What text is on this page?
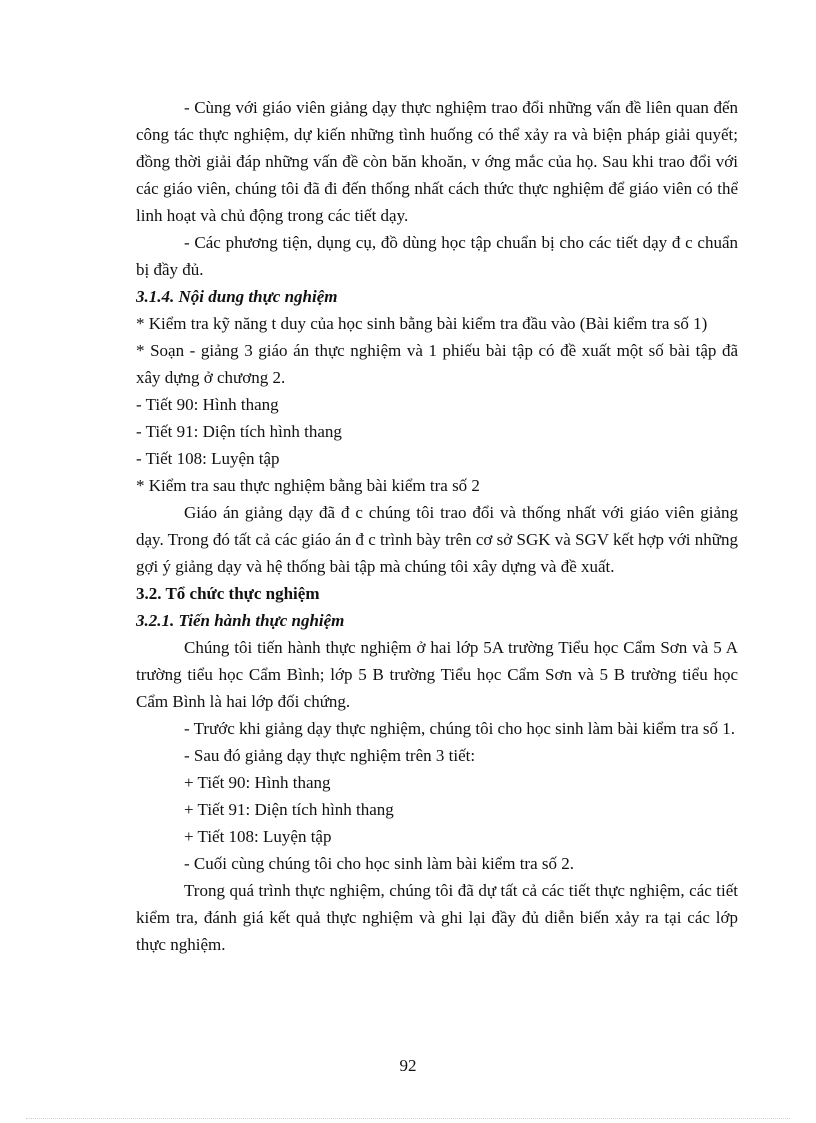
- Cùng với giáo viên giảng dạy thực nghiệm trao đổi những vấn đề liên quan đến công tác thực nghiệm, dự kiến những tình huống có thể xảy ra và biện pháp giải quyết; đồng thời giải đáp những vấn đề còn băn khoăn, v ớng mắc của họ. Sau khi trao đổi với các giáo viên, chúng tôi đã đi đến thống nhất cách thức thực nghiệm để giáo viên có thể linh hoạt và chủ động trong các tiết dạy.

- Các phương tiện, dụng cụ, đồ dùng học tập chuẩn bị cho các tiết dạy đ c chuẩn bị đầy đủ.

3.1.4. Nội dung thực nghiệm

* Kiểm tra kỹ năng t duy của học sinh bằng bài kiểm tra đầu vào (Bài kiểm tra số 1)

* Soạn - giảng 3 giáo án thực nghiệm và 1 phiếu bài tập có đề xuất một số bài tập đã xây dựng ở chương 2.

- Tiết 90: Hình thang

- Tiết 91: Diện tích hình thang

- Tiết 108: Luyện tập

* Kiểm tra sau thực nghiệm bằng bài kiểm tra số 2

Giáo án giảng dạy đã đ c chúng tôi trao đổi và thống nhất với giáo viên giảng dạy. Trong đó tất cả các giáo án đ c trình bày trên cơ sở SGK và SGV kết hợp với những gợi ý giảng dạy và hệ thống bài tập mà chúng tôi xây dựng và đề xuất.

3.2. Tổ chức thực nghiệm

3.2.1. Tiến hành thực nghiệm

Chúng tôi tiến hành thực nghiệm ở hai lớp 5A trường Tiểu học Cẩm Sơn và 5 A trường tiểu học Cẩm Bình; lớp 5 B trường Tiểu học Cẩm Sơn và 5 B trường tiểu học Cẩm Bình là hai lớp đối chứng.

- Trước khi giảng dạy thực nghiệm, chúng tôi cho học sinh làm bài kiểm tra số 1.

- Sau đó giảng dạy thực nghiệm trên 3 tiết:

+ Tiết 90: Hình thang

+ Tiết 91: Diện tích hình thang

+ Tiết 108: Luyện tập

- Cuối cùng chúng tôi cho học sinh làm bài kiểm tra số 2.

Trong quá trình thực nghiệm, chúng tôi đã dự tất cả các tiết thực nghiệm, các tiết kiểm tra, đánh giá kết quả thực nghiệm và ghi lại đầy đủ diễn biến xảy ra tại các lớp thực nghiệm.

92
